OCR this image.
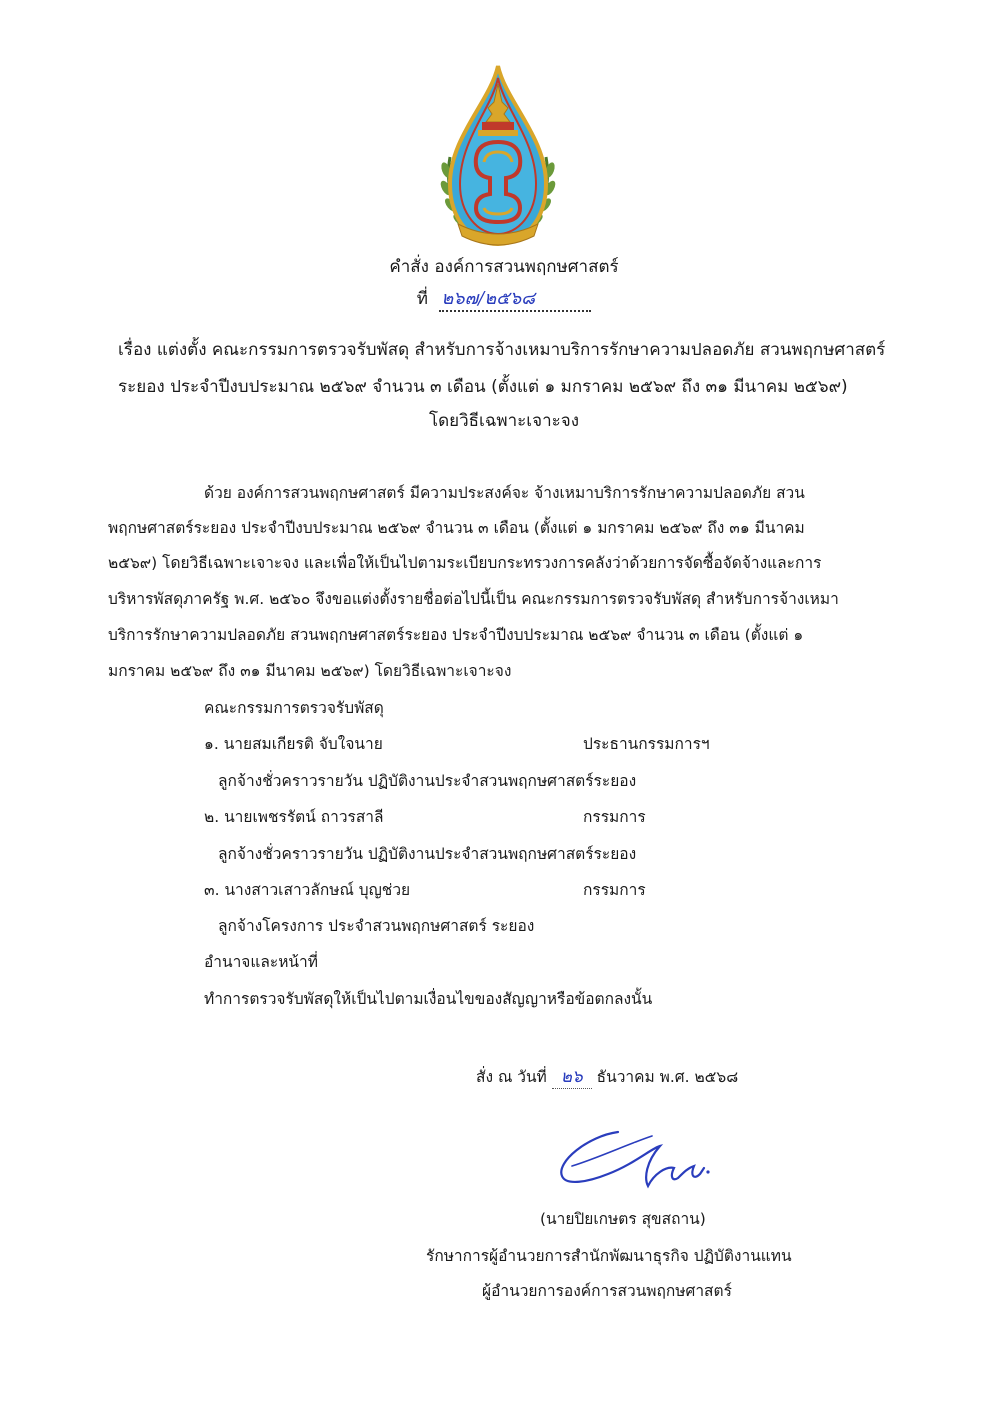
คำสั่ง องค์การสวนพฤกษศาสตร์
ที่ ๒๖๗/๒๕๖๘
เรื่อง แต่งตั้ง คณะกรรมการตรวจรับพัสดุ สำหรับการจ้างเหมาบริการรักษาความปลอดภัย สวนพฤกษศาสตร์
ระยอง ประจำปีงบประมาณ ๒๕๖๙ จำนวน ๓ เดือน (ตั้งแต่ ๑ มกราคม ๒๕๖๙ ถึง ๓๑ มีนาคม ๒๕๖๙)
โดยวิธีเฉพาะเจาะจง
ด้วย องค์การสวนพฤกษศาสตร์ มีความประสงค์จะ จ้างเหมาบริการรักษาความปลอดภัย สวน
พฤกษศาสตร์ระยอง ประจำปีงบประมาณ ๒๕๖๙ จำนวน ๓ เดือน (ตั้งแต่ ๑ มกราคม ๒๕๖๙ ถึง ๓๑ มีนาคม
๒๕๖๙) โดยวิธีเฉพาะเจาะจง และเพื่อให้เป็นไปตามระเบียบกระทรวงการคลังว่าด้วยการจัดซื้อจัดจ้างและการ
บริหารพัสดุภาครัฐ พ.ศ. ๒๕๖๐ จึงขอแต่งตั้งรายชื่อต่อไปนี้เป็น คณะกรรมการตรวจรับพัสดุ สำหรับการจ้างเหมา
บริการรักษาความปลอดภัย สวนพฤกษศาสตร์ระยอง ประจำปีงบประมาณ ๒๕๖๙ จำนวน ๓ เดือน (ตั้งแต่ ๑
มกราคม ๒๕๖๙ ถึง ๓๑ มีนาคม ๒๕๖๙) โดยวิธีเฉพาะเจาะจง
คณะกรรมการตรวจรับพัสดุ
๑. นายสมเกียรติ จับใจนาย	ประธานกรรมการฯ
ลูกจ้างชั่วคราวรายวัน ปฏิบัติงานประจำสวนพฤกษศาสตร์ระยอง
๒. นายเพชรรัตน์ ถาวรสาลี	กรรมการ
ลูกจ้างชั่วคราวรายวัน ปฏิบัติงานประจำสวนพฤกษศาสตร์ระยอง
๓. นางสาวเสาวลักษณ์ บุญช่วย	กรรมการ
ลูกจ้างโครงการ ประจำสวนพฤกษศาสตร์ ระยอง
อำนาจและหน้าที่
ทำการตรวจรับพัสดุให้เป็นไปตามเงื่อนไขของสัญญาหรือข้อตกลงนั้น
สั่ง ณ วันที่ ๒๖ ธันวาคม พ.ศ. ๒๕๖๘
(นายปิยเกษตร สุขสถาน)
รักษาการผู้อำนวยการสำนักพัฒนาธุรกิจ ปฏิบัติงานแทน
ผู้อำนวยการองค์การสวนพฤกษศาสตร์
